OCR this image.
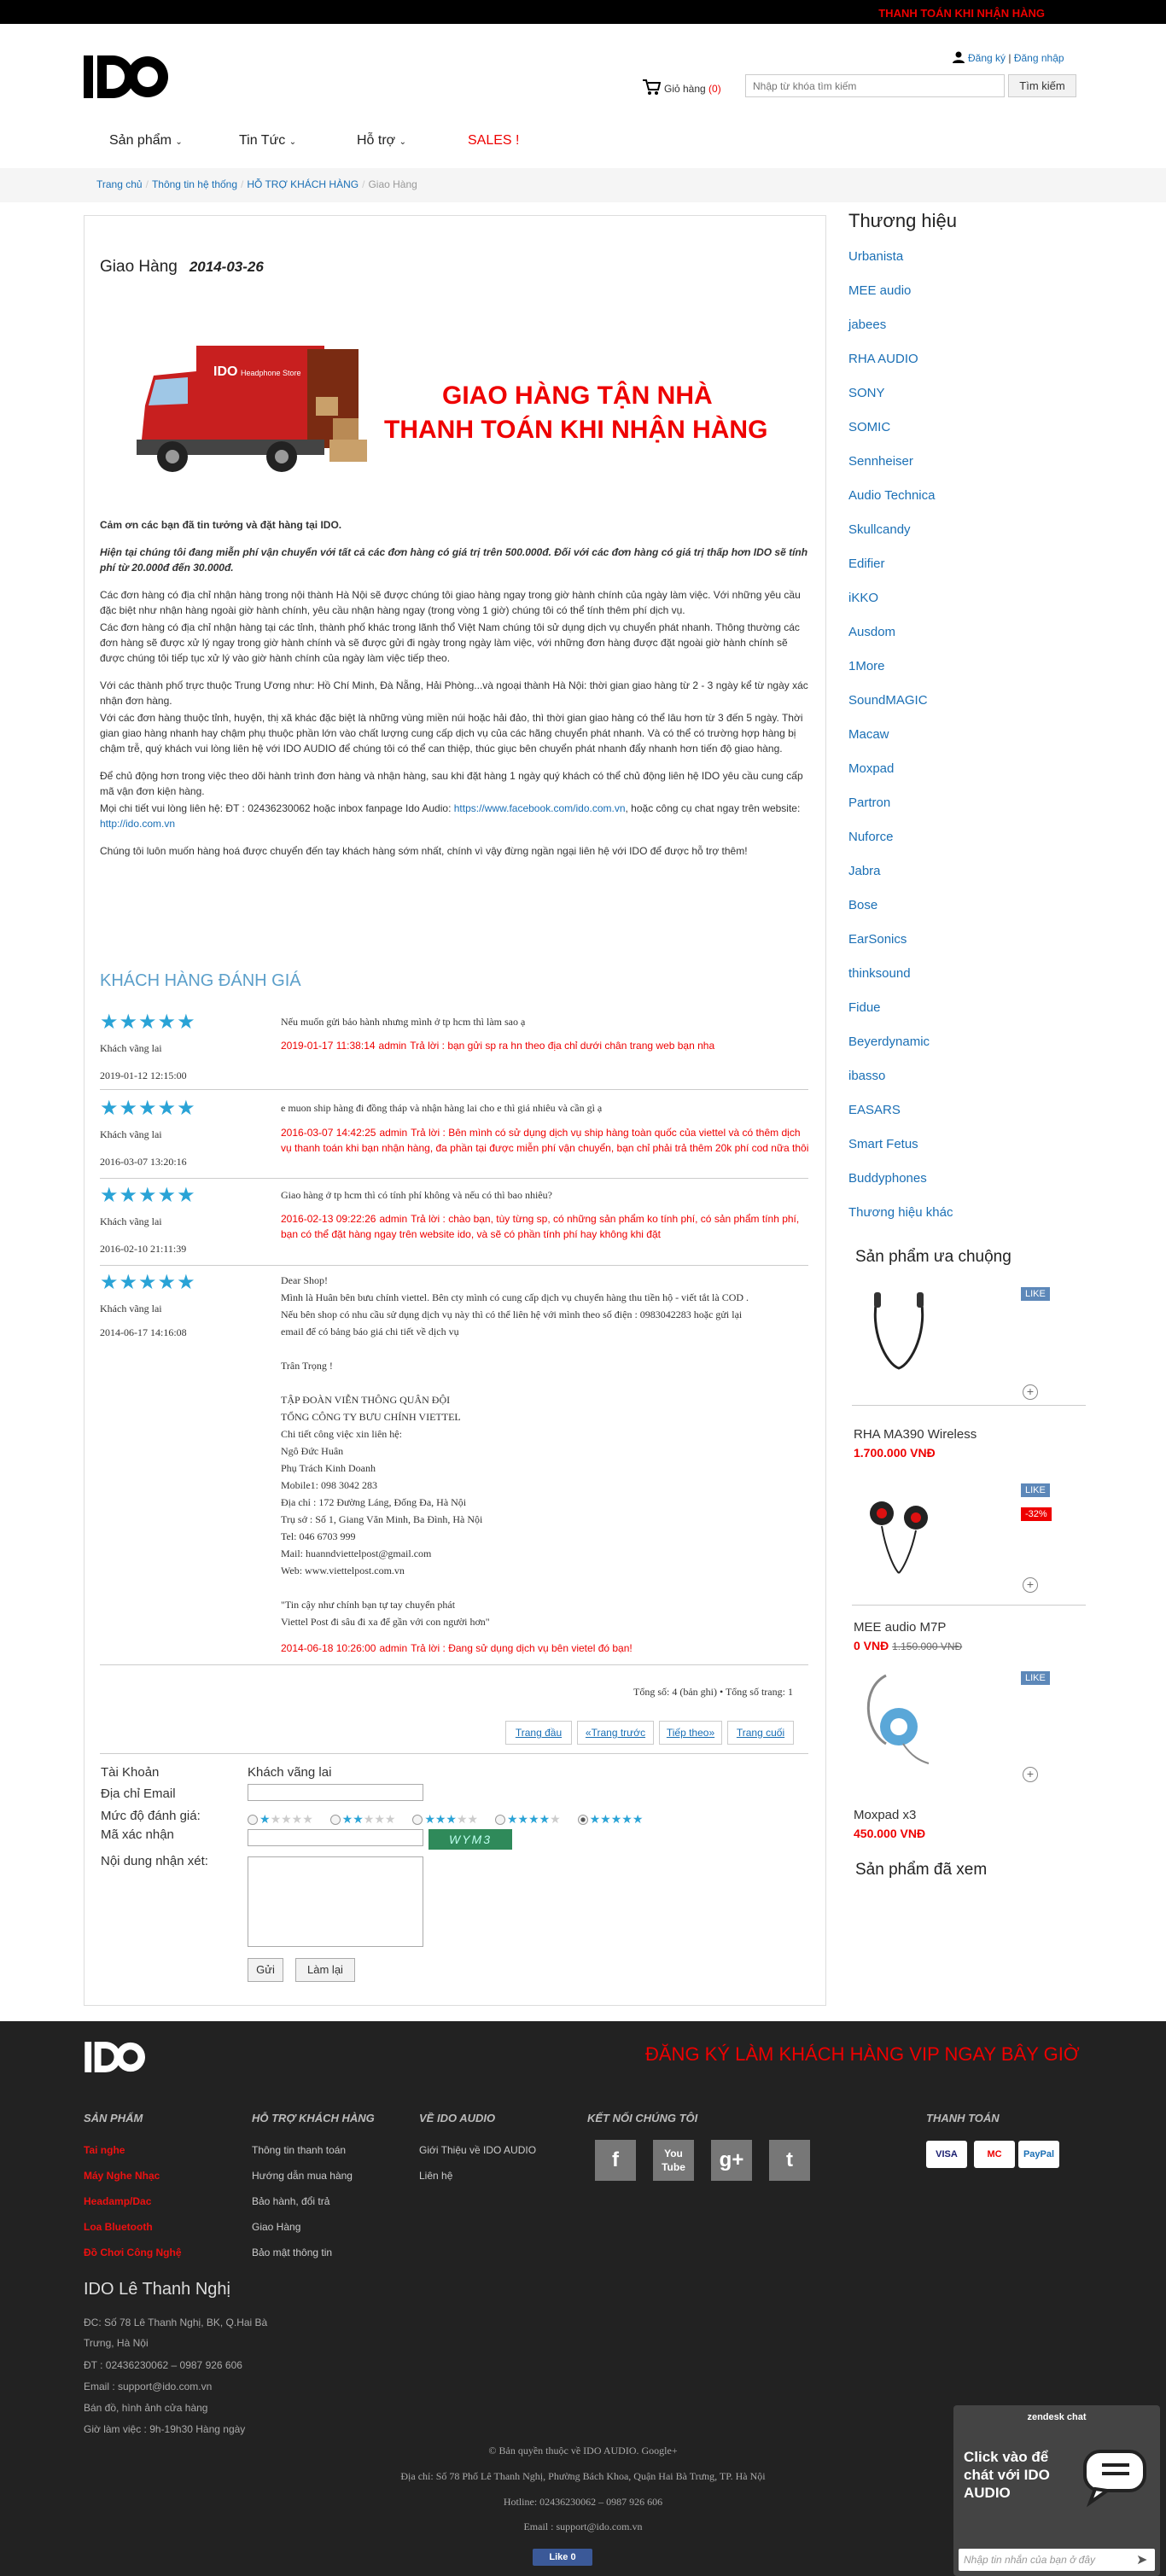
THANH TOÁN KHI NHẬN HÀNG
Đăng ký | Đăng nhập
Giỏ hàng (0)
Nhập từ khóa tìm kiếm	Tìm kiếm
Sản phẩm ⌄	Tin Tức ⌄	Hỗ trợ ⌄	SALES !
Trang chủ / Thông tin hệ thống / HỖ TRỢ KHÁCH HÀNG / Giao Hàng
Giao Hàng 2014-03-26
IDO Headphone Store
GIAO HÀNG TẬN NHÀ
THANH TOÁN KHI NHẬN HÀNG

Cảm ơn các bạn đã tin tưởng và đặt hàng tại IDO.

Hiện tại chúng tôi đang miễn phí vận chuyển với tất cả các đơn hàng có giá trị trên 500.000đ. Đối với các đơn hàng có giá trị thấp hơn IDO sẽ tính phí từ 20.000đ đến 30.000đ.

Các đơn hàng có địa chỉ nhận hàng trong nội thành Hà Nội sẽ được chúng tôi giao hàng ngay trong giờ hành chính của ngày làm việc. Với những yêu cầu đặc biệt như nhận hàng ngoài giờ hành chính, yêu cầu nhận hàng ngay (trong vòng 1 giờ) chúng tôi có thể tính thêm phí dịch vụ.

Các đơn hàng có địa chỉ nhận hàng tại các tỉnh, thành phố khác trong lãnh thổ Việt Nam chúng tôi sử dụng dịch vụ chuyển phát nhanh. Thông thường các đơn hàng sẽ được xử lý ngay trong giờ hành chính và sẽ được gửi đi ngày trong ngày làm việc, với những đơn hàng được đặt ngoài giờ hành chính sẽ được chúng tôi tiếp tục xử lý vào giờ hành chính của ngày làm việc tiếp theo.

Với các thành phố trực thuộc Trung Ương như: Hồ Chí Minh, Đà Nẵng, Hải Phòng...và ngoại thành Hà Nội: thời gian giao hàng từ 2 - 3 ngày kể từ ngày xác nhận đơn hàng.

Với các đơn hàng thuộc tỉnh, huyện, thị xã khác đặc biệt là những vùng miền núi hoặc hải đảo, thì thời gian giao hàng có thể lâu hơn từ 3 đến 5 ngày. Thời gian giao hàng nhanh hay chậm phụ thuộc phần lớn vào chất lượng cung cấp dịch vụ của các hãng chuyển phát nhanh. Và có thể có trường hợp hàng bị chậm trễ, quý khách vui lòng liên hệ với IDO AUDIO để chúng tôi có thể can thiệp, thúc giục bên chuyển phát nhanh đẩy nhanh hơn tiến độ giao hàng.

Để chủ động hơn trong việc theo dõi hành trình đơn hàng và nhận hàng, sau khi đặt hàng 1 ngày quý khách có thể chủ động liên hệ IDO yêu cầu cung cấp mã vận đơn kiện hàng.

Mọi chi tiết vui lòng liên hệ: ĐT : 02436230062 hoặc inbox fanpage Ido Audio: https://www.facebook.com/ido.com.vn, hoặc công cụ chat ngay trên website: http://ido.com.vn

Chúng tôi luôn muốn hàng hoá được chuyển đến tay khách hàng sớm nhất, chính vì vậy đừng ngần ngại liên hệ với IDO để được hỗ trợ thêm!

KHÁCH HÀNG ĐÁNH GIÁ
★★★★★
Khách vãng lai
2019-01-12 12:15:00
Nếu muốn gửi bảo hành nhưng mình ở tp hcm thì làm sao ạ
2019-01-17 11:38:14 admin Trả lời : bạn gửi sp ra hn theo địa chỉ dưới chân trang web bạn nha
★★★★★
Khách vãng lai
2016-03-07 13:20:16
e muon ship hàng đi đồng tháp và nhận hàng lai cho e thì giá nhiêu và cần gì ạ
2016-03-07 14:42:25 admin Trả lời : Bên mình có sử dụng dịch vụ ship hàng toàn quốc của viettel và có thêm dịch vụ thanh toán khi bạn nhận hàng, đa phần tại được miễn phí vận chuyển, bạn chỉ phải trả thêm 20k phí cod nữa thôi
★★★★★
Khách vãng lai
2016-02-10 21:11:39
Giao hàng ở tp hcm thì có tính phí không và nếu có thì bao nhiêu?
2016-02-13 09:22:26 admin Trả lời : chào bạn, tùy từng sp, có những sản phẩm ko tính phí, có sản phẩm tính phí, bạn có thể đặt hàng ngay trên website ido, và sẽ có phần tính phí hay không khi đặt
★★★★★
Khách vãng lai
2014-06-17 14:16:08
Dear Shop!
Mình là Huân bên bưu chính viettel. Bên cty mình có cung cấp dịch vụ chuyển hàng thu tiền hộ - viết tắt là COD .
Nếu bên shop có nhu cầu sử dụng dịch vụ này thì có thể liên hệ với mình theo số điện : 0983042283 hoặc gửi lại
email để có bảng báo giá chi tiết về dịch vụ
Trân Trọng !
TẬP ĐOÀN VIỄN THÔNG QUÂN ĐỘI
TỔNG CÔNG TY BƯU CHÍNH VIETTEL
Chi tiết công việc xin liên hệ:
Ngô Đức Huân
Phụ Trách Kinh Doanh
Mobile1: 098 3042 283
Địa chỉ : 172 Đường Láng, Đống Đa, Hà Nội
Trụ sở : Số 1, Giang Văn Minh, Ba Đình, Hà Nội
Tel: 046 6703 999
Mail: huanndviettelpost@gmail.com
Web: www.viettelpost.com.vn
"Tin cậy như chính bạn tự tay chuyển phát
Viettel Post đi sâu đi xa để gần với con người hơn"
2014-06-18 10:26:00 admin Trả lời : Đang sử dụng dịch vụ bên vietel đó bạn!
Tổng số: 4 (bản ghi) • Tổng số trang: 1
Trang đầu	«Trang trước	Tiếp theo»	Trang cuối
Tài Khoản	Khách vãng lai
Địa chỉ Email
Mức độ đánh giá:	★★★★★ ★★★★★ ★★★★★ ★★★★★ ★★★★★
Mã xác nhận	WYM3
Nội dung nhận xét:
Gửi	Làm lại
Thương hiệu
Urbanista
MEE audio
jabees
RHA AUDIO
SONY
SOMIC
Sennheiser
Audio Technica
Skullcandy
Edifier
iKKO
Ausdom
1More
SoundMAGIC
Macaw
Moxpad
Partron
Nuforce
Jabra
Bose
EarSonics
thinksound
Fidue
Beyerdynamic
ibasso
EASARS
Smart Fetus
Buddyphones
Thương hiệu khác
Sản phẩm ưa chuộng
LIKE
+
RHA MA390 Wireless
1.700.000 VNĐ
LIKE
-32%
+
MEE audio M7P
0 VNĐ 1.150.000 VNĐ
LIKE
+
Moxpad x3
450.000 VNĐ
Sản phẩm đã xem
ĐĂNG KÝ LÀM KHÁCH HÀNG VIP NGAY BÂY GIỜ
SẢN PHẨM
Tai nghe
Máy Nghe Nhạc
Headamp/Dac
Loa Bluetooth
Đồ Chơi Công Nghệ
HỖ TRỢ KHÁCH HÀNG
Thông tin thanh toán
Hướng dẫn mua hàng
Bảo hành, đổi trả
Giao Hàng
Bảo mật thông tin
VỀ IDO AUDIO
Giới Thiệu về IDO AUDIO
Liên hệ
KẾT NỐI CHÚNG TÔI
f	You Tube	g+	t
THANH TOÁN
VISA	MC	PayPal
IDO Lê Thanh Nghị
ĐC: Số 78 Lê Thanh Nghị, BK, Q.Hai Bà
Trưng, Hà Nội
ĐT : 02436230062 – 0987 926 606
Email : support@ido.com.vn
Bán đồ, hình ảnh cửa hàng
Giờ làm việc : 9h-19h30 Hàng ngày
© Bản quyền thuộc về IDO AUDIO. Google+
Địa chỉ: Số 78 Phố Lê Thanh Nghị, Phường Bách Khoa, Quận Hai Bà Trưng, TP. Hà Nội
Hotline: 02436230062 – 0987 926 606
Email : support@ido.com.vn
Like 0
zendesk chat
Click vào để chát với IDO AUDIO
Nhập tin nhắn của bạn ở đây	➤
